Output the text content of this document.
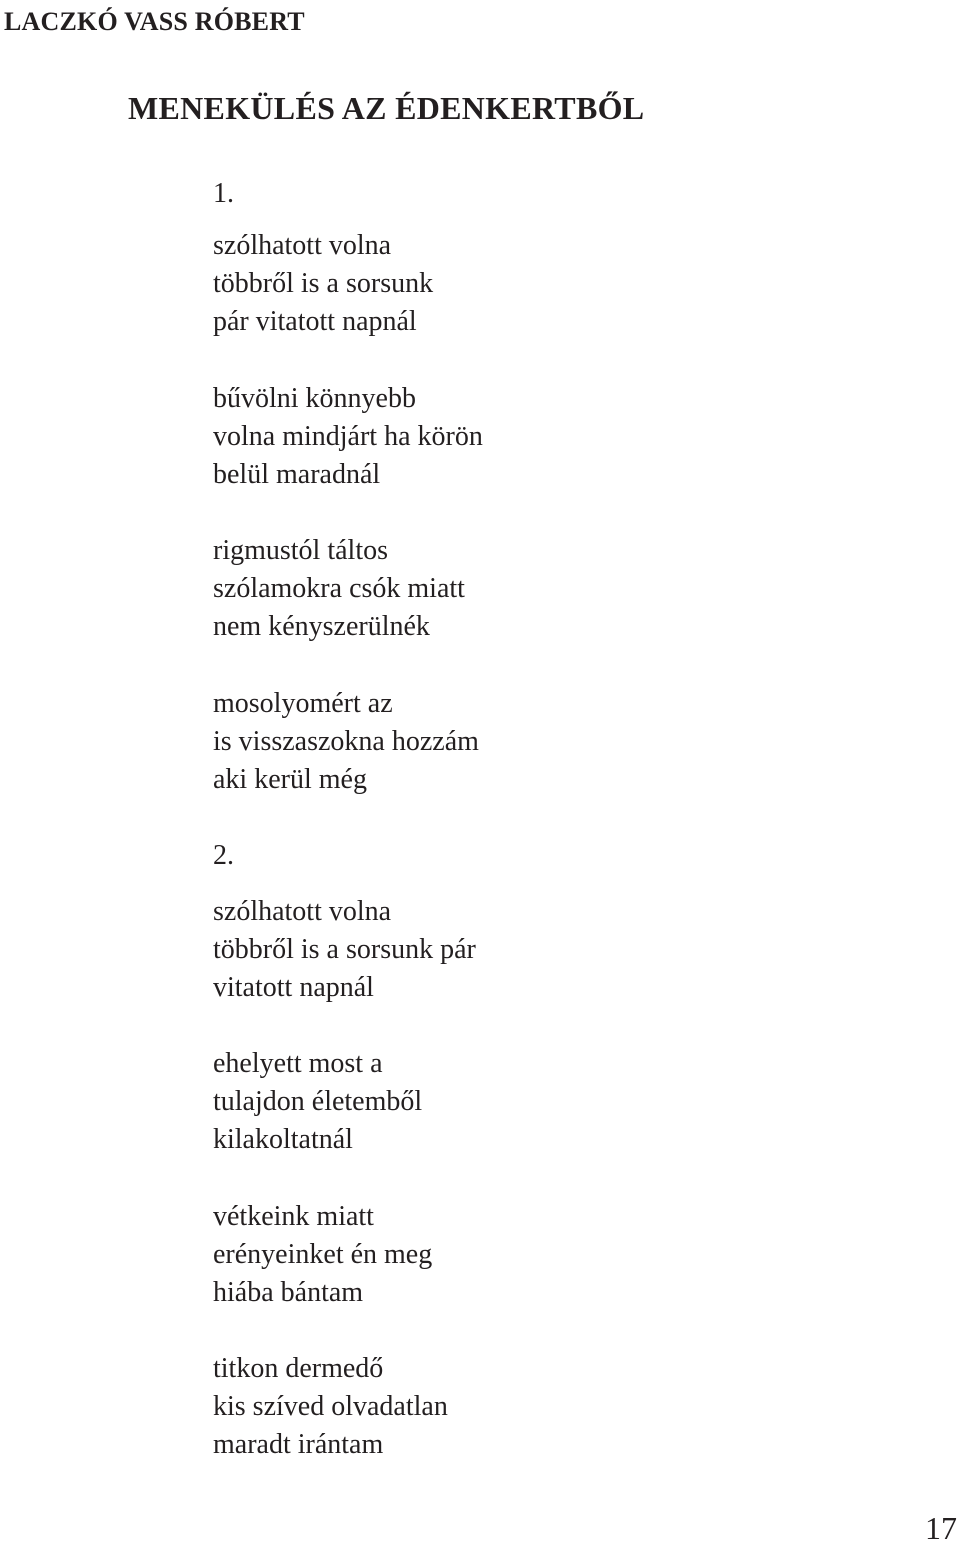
LACZKÓ VASS RÓBERT
MENEKÜLÉS AZ ÉDENKERTBŐL

1.

szólhatott volna
többről is a sorsunk
pár vitatott napnál

bűvölni könnyebb
volna mindjárt ha körön
belül maradnál

rigmustól táltos
szólamokra csók miatt
nem kényszerülnék

mosolyomért az
is visszaszokna hozzám
aki kerül még

2.

szólhatott volna
többről is a sorsunk pár
vitatott napnál

ehelyett most a
tulajdon életemből
kilakoltatnál

vétkeink miatt
erényeinket én meg
hiába bántam

titkon dermedő
kis szíved olvadatlan
maradt irántam

17
